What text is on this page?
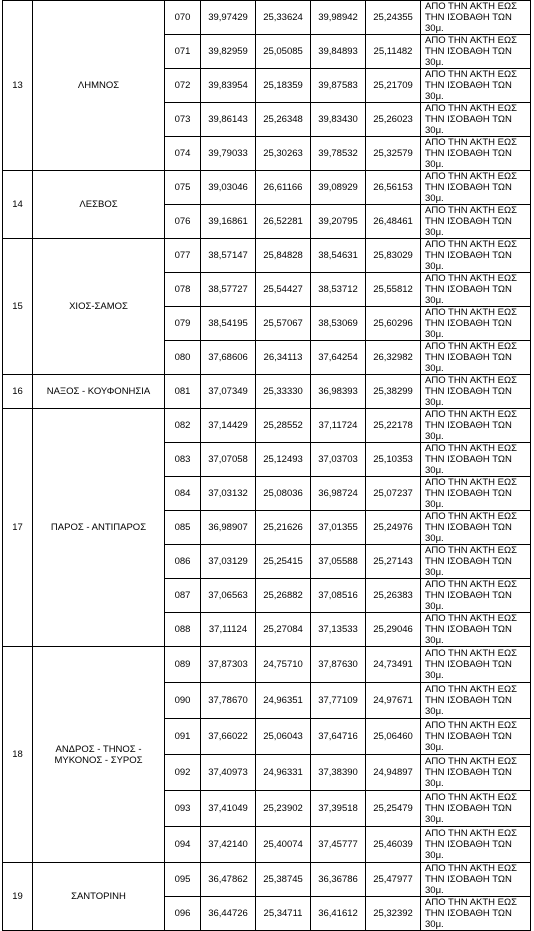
13	ΛΗΜΝΟΣ	070	39,97429	25,33624	39,98942	25,24355	ΑΠΟ ΤΗΝ ΑΚΤΗ ΕΩΣ
ΤΗΝ ΙΣΟΒΑΘΗ ΤΩΝ 30μ.

		071	39,82959	25,05085	39,84893	25,11482	ΑΠΟ ΤΗΝ ΑΚΤΗ ΕΩΣ
ΤΗΝ ΙΣΟΒΑΘΗ ΤΩΝ 30μ.

		072	39,83954	25,18359	39,87583	25,21709	ΑΠΟ ΤΗΝ ΑΚΤΗ ΕΩΣ
ΤΗΝ ΙΣΟΒΑΘΗ ΤΩΝ 30μ.

		073	39,86143	25,26348	39,83430	25,26023	ΑΠΟ ΤΗΝ ΑΚΤΗ ΕΩΣ
ΤΗΝ ΙΣΟΒΑΘΗ ΤΩΝ 30μ.

		074	39,79033	25,30263	39,78532	25,32579	ΑΠΟ ΤΗΝ ΑΚΤΗ ΕΩΣ
ΤΗΝ ΙΣΟΒΑΘΗ ΤΩΝ 30μ.

14	ΛΕΣΒΟΣ	075	39,03046	26,61166	39,08929	26,56153	ΑΠΟ ΤΗΝ ΑΚΤΗ ΕΩΣ
ΤΗΝ ΙΣΟΒΑΘΗ ΤΩΝ 30μ.

		076	39,16861	26,52281	39,20795	26,48461	ΑΠΟ ΤΗΝ ΑΚΤΗ ΕΩΣ
ΤΗΝ ΙΣΟΒΑΘΗ ΤΩΝ 30μ.

15	ΧΙΟΣ-ΣΑΜΟΣ	077	38,57147	25,84828	38,54631	25,83029	ΑΠΟ ΤΗΝ ΑΚΤΗ ΕΩΣ
ΤΗΝ ΙΣΟΒΑΘΗ ΤΩΝ 30μ.

		078	38,57727	25,54427	38,53712	25,55812	ΑΠΟ ΤΗΝ ΑΚΤΗ ΕΩΣ
ΤΗΝ ΙΣΟΒΑΘΗ ΤΩΝ 30μ.

		079	38,54195	25,57067	38,53069	25,60296	ΑΠΟ ΤΗΝ ΑΚΤΗ ΕΩΣ
ΤΗΝ ΙΣΟΒΑΘΗ ΤΩΝ 30μ.

		080	37,68606	26,34113	37,64254	26,32982	ΑΠΟ ΤΗΝ ΑΚΤΗ ΕΩΣ
ΤΗΝ ΙΣΟΒΑΘΗ ΤΩΝ 30μ.

16	ΝΑΞΟΣ - ΚΟΥΦΟΝΗΣΙΑ	081	37,07349	25,33330	36,98393	25,38299	ΑΠΟ ΤΗΝ ΑΚΤΗ ΕΩΣ
ΤΗΝ ΙΣΟΒΑΘΗ ΤΩΝ 30μ.

17	ΠΑΡΟΣ - ΑΝΤΙΠΑΡΟΣ	082	37,14429	25,28552	37,11724	25,22178	ΑΠΟ ΤΗΝ ΑΚΤΗ ΕΩΣ
ΤΗΝ ΙΣΟΒΑΘΗ ΤΩΝ 30μ.

		083	37,07058	25,12493	37,03703	25,10353	ΑΠΟ ΤΗΝ ΑΚΤΗ ΕΩΣ
ΤΗΝ ΙΣΟΒΑΘΗ ΤΩΝ 30μ.

		084	37,03132	25,08036	36,98724	25,07237	ΑΠΟ ΤΗΝ ΑΚΤΗ ΕΩΣ
ΤΗΝ ΙΣΟΒΑΘΗ ΤΩΝ 30μ.

		085	36,98907	25,21626	37,01355	25,24976	ΑΠΟ ΤΗΝ ΑΚΤΗ ΕΩΣ
ΤΗΝ ΙΣΟΒΑΘΗ ΤΩΝ 30μ.

		086	37,03129	25,25415	37,05588	25,27143	ΑΠΟ ΤΗΝ ΑΚΤΗ ΕΩΣ
ΤΗΝ ΙΣΟΒΑΘΗ ΤΩΝ 30μ.

		087	37,06563	25,26882	37,08516	25,26383	ΑΠΟ ΤΗΝ ΑΚΤΗ ΕΩΣ
ΤΗΝ ΙΣΟΒΑΘΗ ΤΩΝ 30μ.

		088	37,11124	25,27084	37,13533	25,29046	ΑΠΟ ΤΗΝ ΑΚΤΗ ΕΩΣ
ΤΗΝ ΙΣΟΒΑΘΗ ΤΩΝ 30μ.

18	ΑΝΔΡΟΣ - ΤΗΝΟΣ -
ΜΥΚΟΝΟΣ - ΣΥΡΟΣ	089	37,87303	24,75710	37,87630	24,73491	ΑΠΟ ΤΗΝ ΑΚΤΗ ΕΩΣ
ΤΗΝ ΙΣΟΒΑΘΗ ΤΩΝ 30μ.

		090	37,78670	24,96351	37,77109	24,97671	ΑΠΟ ΤΗΝ ΑΚΤΗ ΕΩΣ
ΤΗΝ ΙΣΟΒΑΘΗ ΤΩΝ 30μ.

		091	37,66022	25,06043	37,64716	25,06460	ΑΠΟ ΤΗΝ ΑΚΤΗ ΕΩΣ
ΤΗΝ ΙΣΟΒΑΘΗ ΤΩΝ 30μ.

		092	37,40973	24,96331	37,38390	24,94897	ΑΠΟ ΤΗΝ ΑΚΤΗ ΕΩΣ
ΤΗΝ ΙΣΟΒΑΘΗ ΤΩΝ 30μ.

		093	37,41049	25,23902	37,39518	25,25479	ΑΠΟ ΤΗΝ ΑΚΤΗ ΕΩΣ
ΤΗΝ ΙΣΟΒΑΘΗ ΤΩΝ 30μ.

		094	37,42140	25,40074	37,45777	25,46039	ΑΠΟ ΤΗΝ ΑΚΤΗ ΕΩΣ
ΤΗΝ ΙΣΟΒΑΘΗ ΤΩΝ 30μ.

19	ΣΑΝΤΟΡΙΝΗ	095	36,47862	25,38745	36,36786	25,47977	ΑΠΟ ΤΗΝ ΑΚΤΗ ΕΩΣ
ΤΗΝ ΙΣΟΒΑΘΗ ΤΩΝ 30μ.

		096	36,44726	25,34711	36,41612	25,32392	ΑΠΟ ΤΗΝ ΑΚΤΗ ΕΩΣ
ΤΗΝ ΙΣΟΒΑΘΗ ΤΩΝ 30μ.
